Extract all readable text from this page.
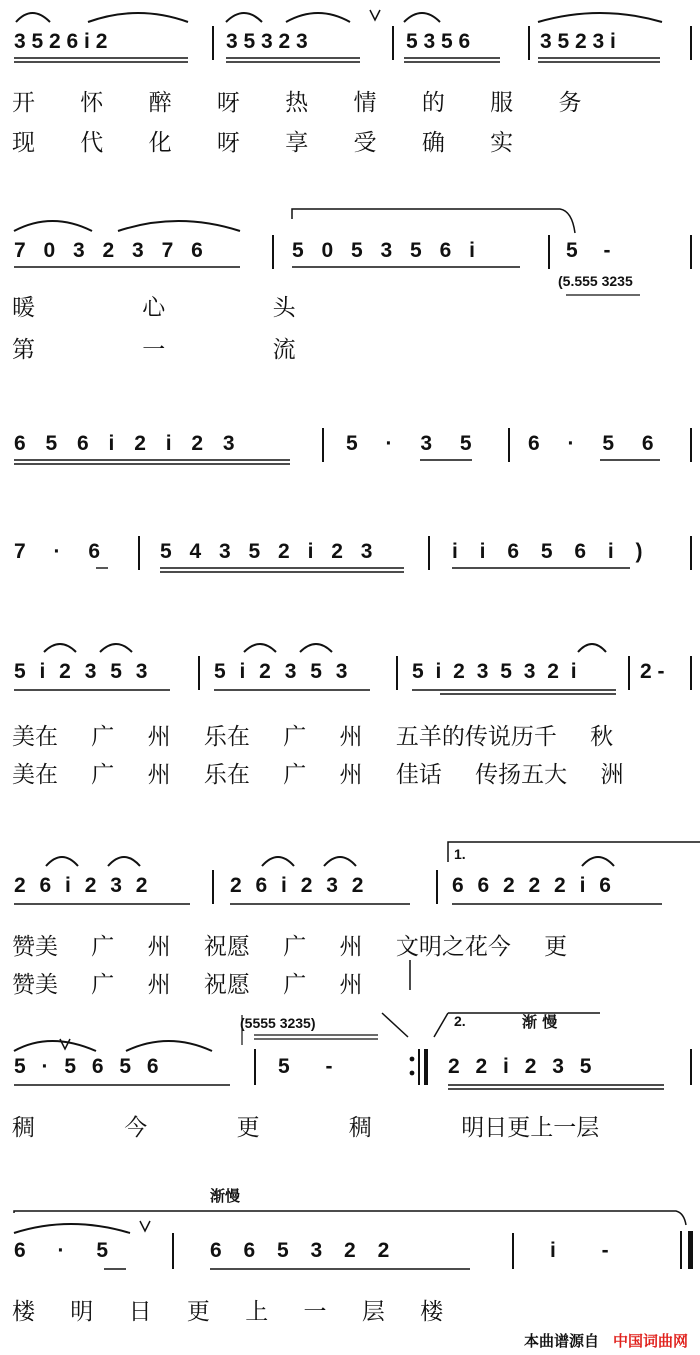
3 5 2 6 i 2	3 5 3 2 3	5 3 5 6	3 5 2 3 i
开 怀 醉 呀 热 情 的 服 务
现 代 化 呀 享 受 确 实
7 0 3 2 3 7 6	5 0 5 3 5 6 i	5 -
(5.555 3235
暖 心 头
第 一 流
6 5 6 i 2 i 2 3	5 · 3 5	6 · 5 6
7 · 6	5 4 3 5 2 i 2 3	i i 6 5 6 i )
5 i 2 3 5 3	5 i 2 3 5 3	5 i 2 3 5 3 2 i	2 -
美在 广 州 乐在 广 州 五羊的传说历千 秋
美在 广 州 乐在 广 州 佳话 传扬五大 洲
2 6 i 2 3 2	2 6 i 2 3 2	6 6 2 2 2 i 6
1.
赞美 广 州 祝愿 广 州 文明之花今 更
赞美 广 州 祝愿 广 州
(5555 3235)	2.	渐 慢
5 · 5 6 5 6	5 -	2 2 i 2 3 5
稠 今 更 稠 明日更上一层
渐慢
6 · 5	6 6 5 3 2 2	i -
楼 明 日 更 上 一 层 楼
本曲谱源自 中国词曲网
